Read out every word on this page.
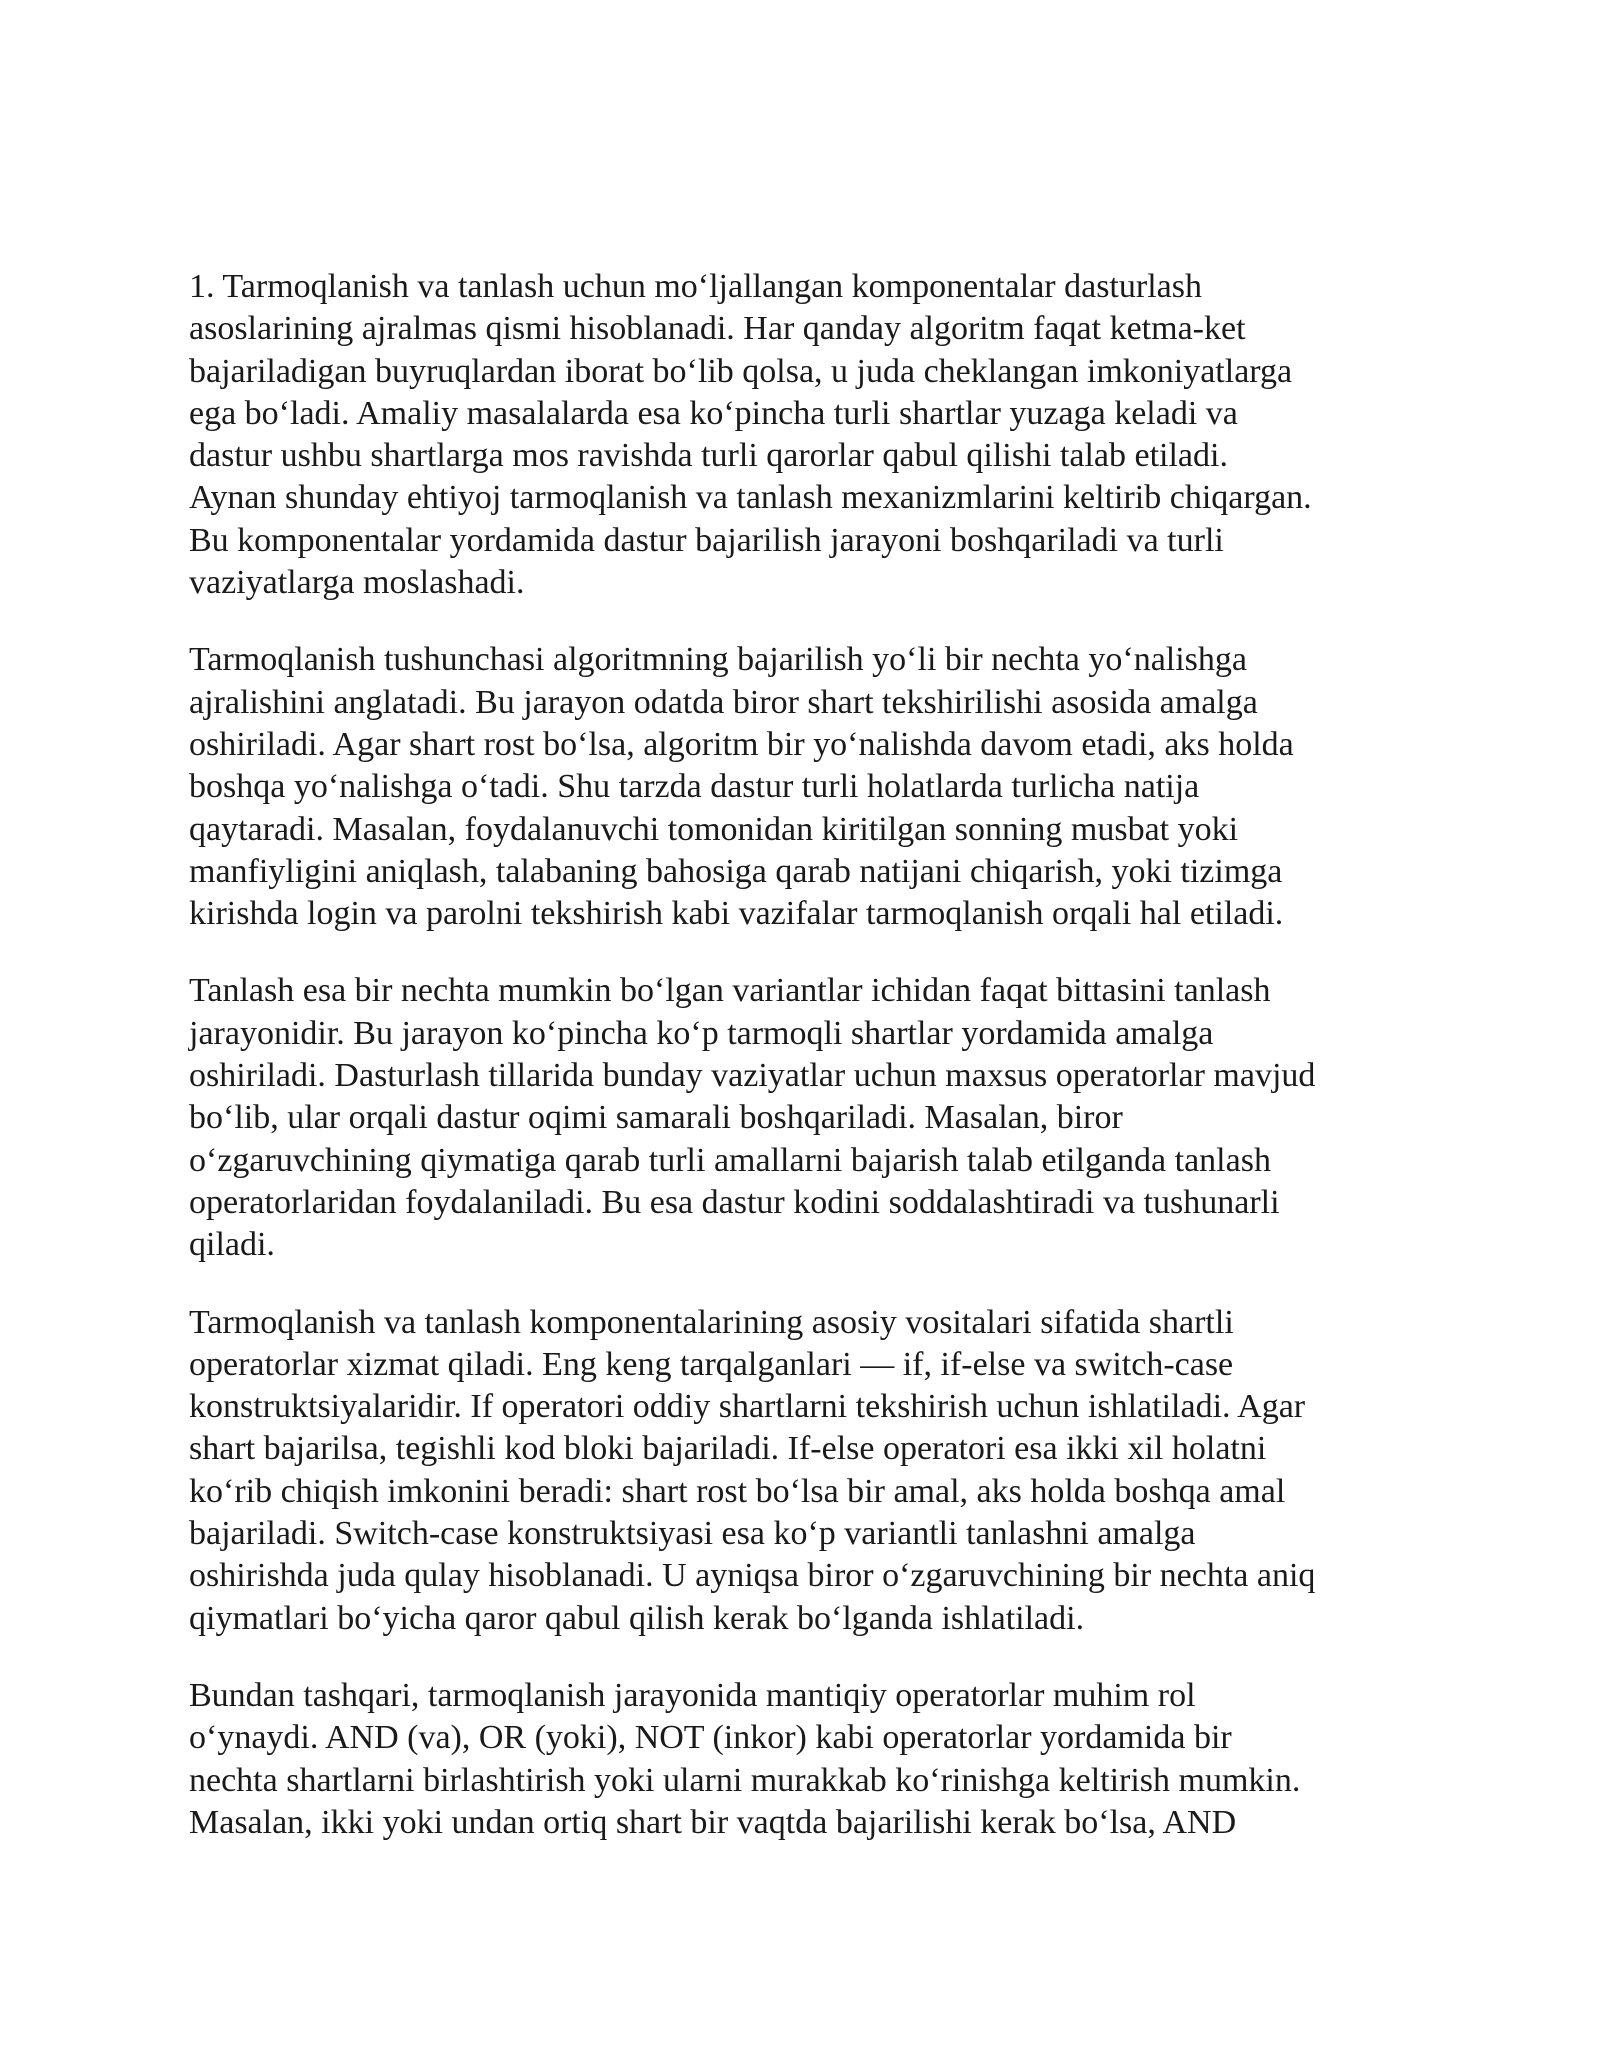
1. Tarmoqlanish va tanlash uchun moʻljallangan komponentalar dasturlash
asoslarining ajralmas qismi hisoblanadi. Har qanday algoritm faqat ketma-ket
bajariladigan buyruqlardan iborat boʻlib qolsa, u juda cheklangan imkoniyatlarga
ega boʻladi. Amaliy masalalarda esa koʻpincha turli shartlar yuzaga keladi va
dastur ushbu shartlarga mos ravishda turli qarorlar qabul qilishi talab etiladi.
Aynan shunday ehtiyoj tarmoqlanish va tanlash mexanizmlarini keltirib chiqargan.
Bu komponentalar yordamida dastur bajarilish jarayoni boshqariladi va turli
vaziyatlarga moslashadi.

Tarmoqlanish tushunchasi algoritmning bajarilish yoʻli bir nechta yoʻnalishga
ajralishini anglatadi. Bu jarayon odatda biror shart tekshirilishi asosida amalga
oshiriladi. Agar shart rost boʻlsa, algoritm bir yoʻnalishda davom etadi, aks holda
boshqa yoʻnalishga oʻtadi. Shu tarzda dastur turli holatlarda turlicha natija
qaytaradi. Masalan, foydalanuvchi tomonidan kiritilgan sonning musbat yoki
manfiyligini aniqlash, talabaning bahosiga qarab natijani chiqarish, yoki tizimga
kirishda login va parolni tekshirish kabi vazifalar tarmoqlanish orqali hal etiladi.

Tanlash esa bir nechta mumkin boʻlgan variantlar ichidan faqat bittasini tanlash
jarayonidir. Bu jarayon koʻpincha koʻp tarmoqli shartlar yordamida amalga
oshiriladi. Dasturlash tillarida bunday vaziyatlar uchun maxsus operatorlar mavjud
boʻlib, ular orqali dastur oqimi samarali boshqariladi. Masalan, biror
oʻzgaruvchining qiymatiga qarab turli amallarni bajarish talab etilganda tanlash
operatorlaridan foydalaniladi. Bu esa dastur kodini soddalashtiradi va tushunarli
qiladi.

Tarmoqlanish va tanlash komponentalarining asosiy vositalari sifatida shartli
operatorlar xizmat qiladi. Eng keng tarqalganlari — if, if-else va switch-case
konstruktsiyalaridir. If operatori oddiy shartlarni tekshirish uchun ishlatiladi. Agar
shart bajarilsa, tegishli kod bloki bajariladi. If-else operatori esa ikki xil holatni
koʻrib chiqish imkonini beradi: shart rost boʻlsa bir amal, aks holda boshqa amal
bajariladi. Switch-case konstruktsiyasi esa koʻp variantli tanlashni amalga
oshirishda juda qulay hisoblanadi. U ayniqsa biror oʻzgaruvchining bir nechta aniq
qiymatlari boʻyicha qaror qabul qilish kerak boʻlganda ishlatiladi.

Bundan tashqari, tarmoqlanish jarayonida mantiqiy operatorlar muhim rol
oʻynaydi. AND (va), OR (yoki), NOT (inkor) kabi operatorlar yordamida bir
nechta shartlarni birlashtirish yoki ularni murakkab koʻrinishga keltirish mumkin.
Masalan, ikki yoki undan ortiq shart bir vaqtda bajarilishi kerak boʻlsa, AND
